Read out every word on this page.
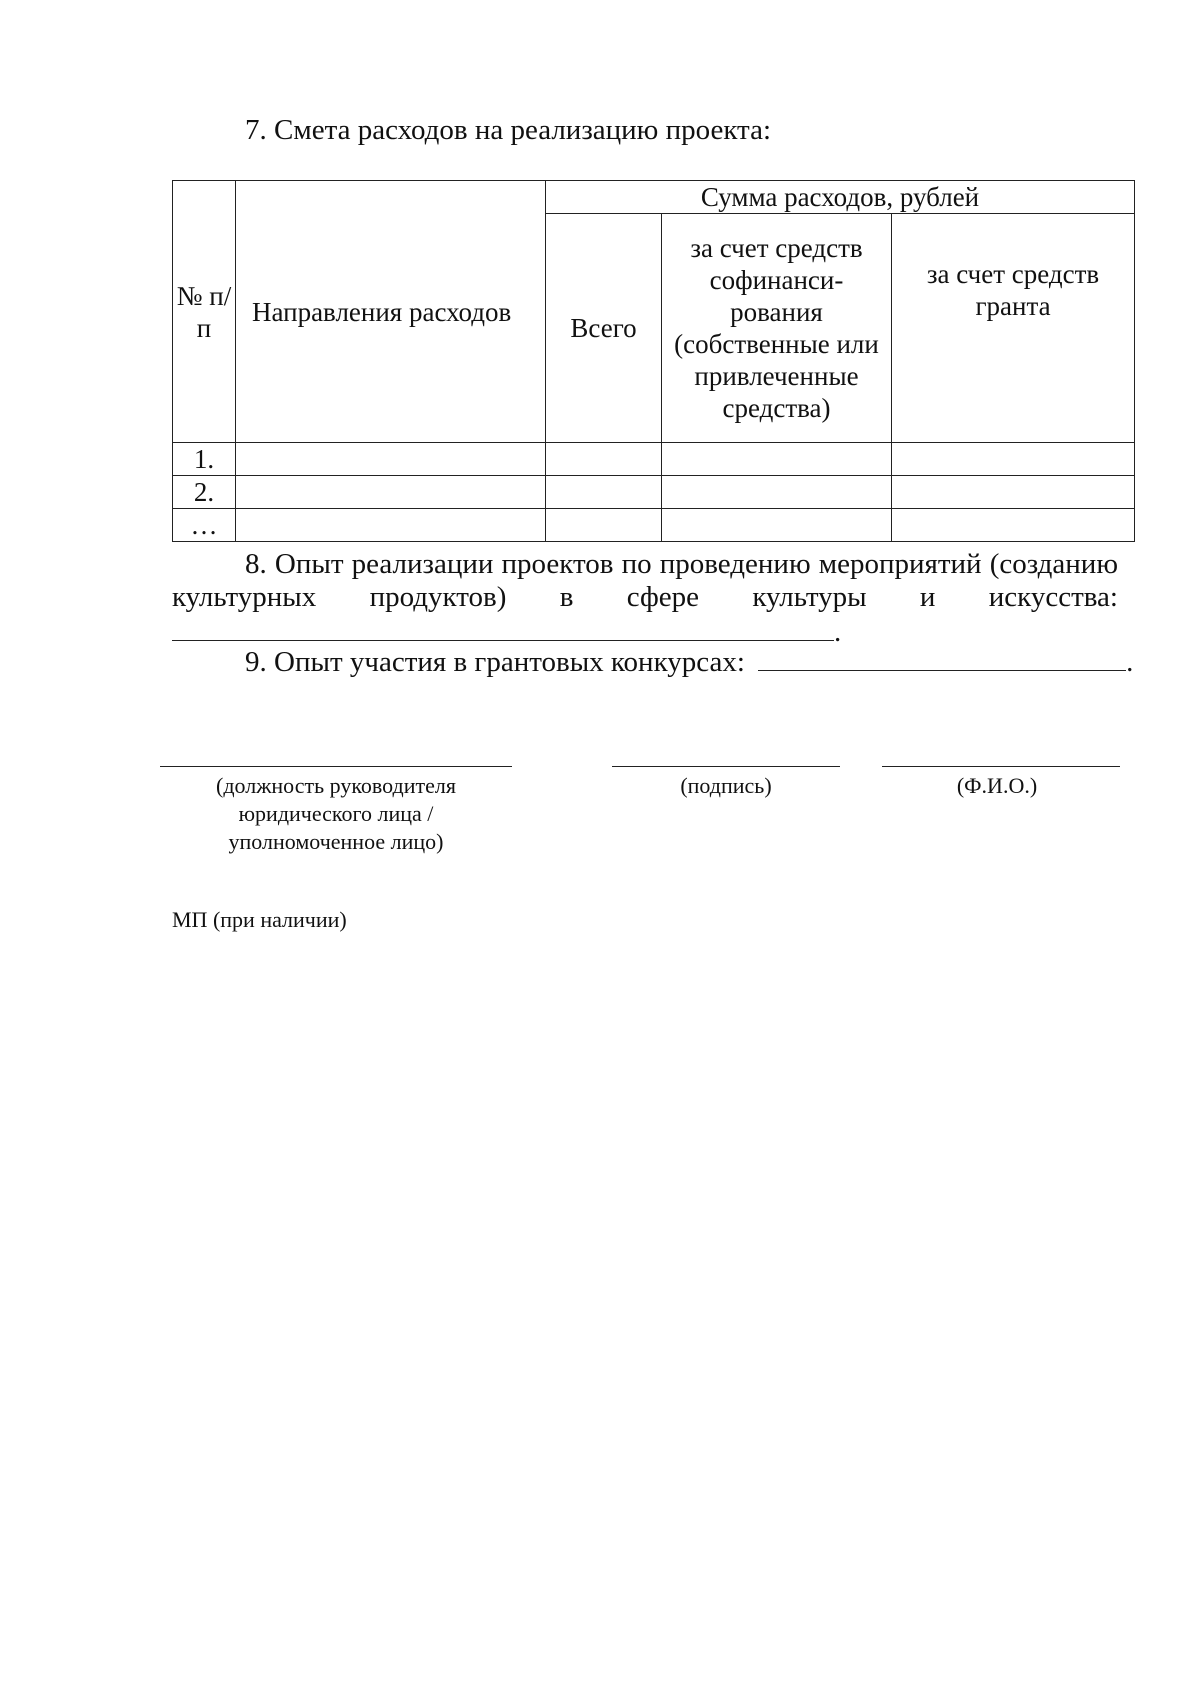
7. Смета расходов на реализацию проекта:
№ п/п	Направления расходов	Сумма расходов, рублей		
		Всего	за счет средств софинанси-рования (собственные или привлеченные средства)	за счет средств гранта

1.				
2.				
…				
8. Опыт реализации проектов по проведению мероприятий (созданию
культурных продуктов) в сфере культуры и искусства:
.
9. Опыт участия в грантовых конкурсах:	.
(должность руководителя юридического лица / уполномоченное лицо)
(подпись)	(Ф.И.О.)
МП (при наличии)
